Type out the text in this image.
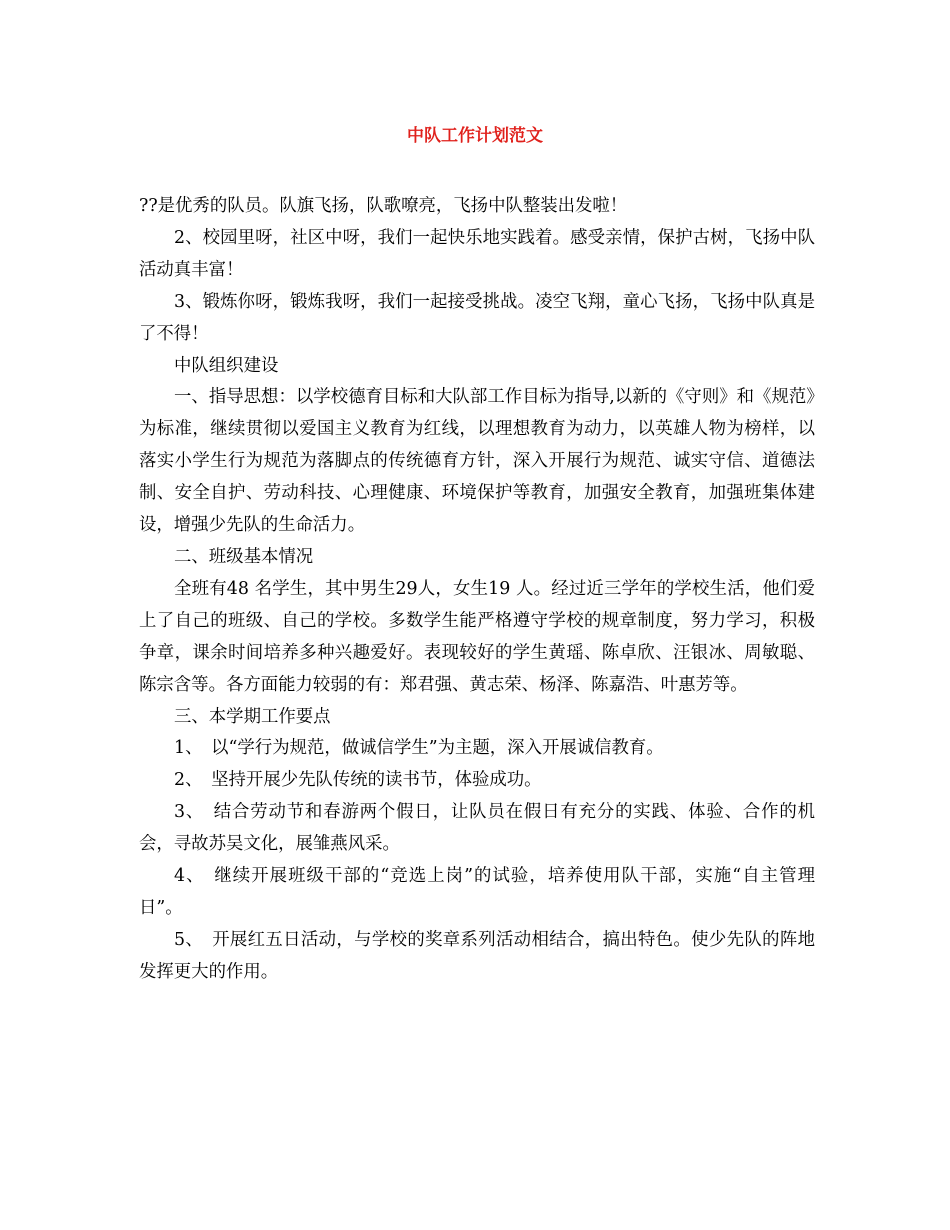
中队工作计划范文

??是优秀的队员。队旗飞扬，队歌嘹亮，飞扬中队整装出发啦！

2、校园里呀，社区中呀，我们一起快乐地实践着。感受亲情，保护古树，飞扬中队活动真丰富！

3、锻炼你呀，锻炼我呀，我们一起接受挑战。凌空飞翔，童心飞扬，飞扬中队真是了不得！

中队组织建设

一、指导思想：以学校德育目标和大队部工作目标为指导,以新的《守则》和《规范》为标准，继续贯彻以爱国主义教育为红线，以理想教育为动力，以英雄人物为榜样，以落实小学生行为规范为落脚点的传统德育方针，深入开展行为规范、诚实守信、道德法制、安全自护、劳动科技、心理健康、环境保护等教育，加强安全教育，加强班集体建设，增强少先队的生命活力。

二、班级基本情况

全班有48 名学生，其中男生29人，女生19 人。经过近三学年的学校生活，他们爱上了自己的班级、自己的学校。多数学生能严格遵守学校的规章制度，努力学习，积极争章，课余时间培养多种兴趣爱好。表现较好的学生黄瑶、陈卓欣、汪银冰、周敏聪、陈宗含等。各方面能力较弱的有：郑君强、黄志荣、杨泽、陈嘉浩、叶惠芳等。

三、本学期工作要点

1、　以“学行为规范，做诚信学生”为主题，深入开展诚信教育。

2、　坚持开展少先队传统的读书节，体验成功。

3、　结合劳动节和春游两个假日，让队员在假日有充分的实践、体验、合作的机会，寻故苏吴文化，展雏燕风采。

4、　继续开展班级干部的“竞选上岗”的试验，培养使用队干部，实施“自主管理日”。

5、　开展红五日活动，与学校的奖章系列活动相结合，搞出特色。使少先队的阵地发挥更大的作用。
